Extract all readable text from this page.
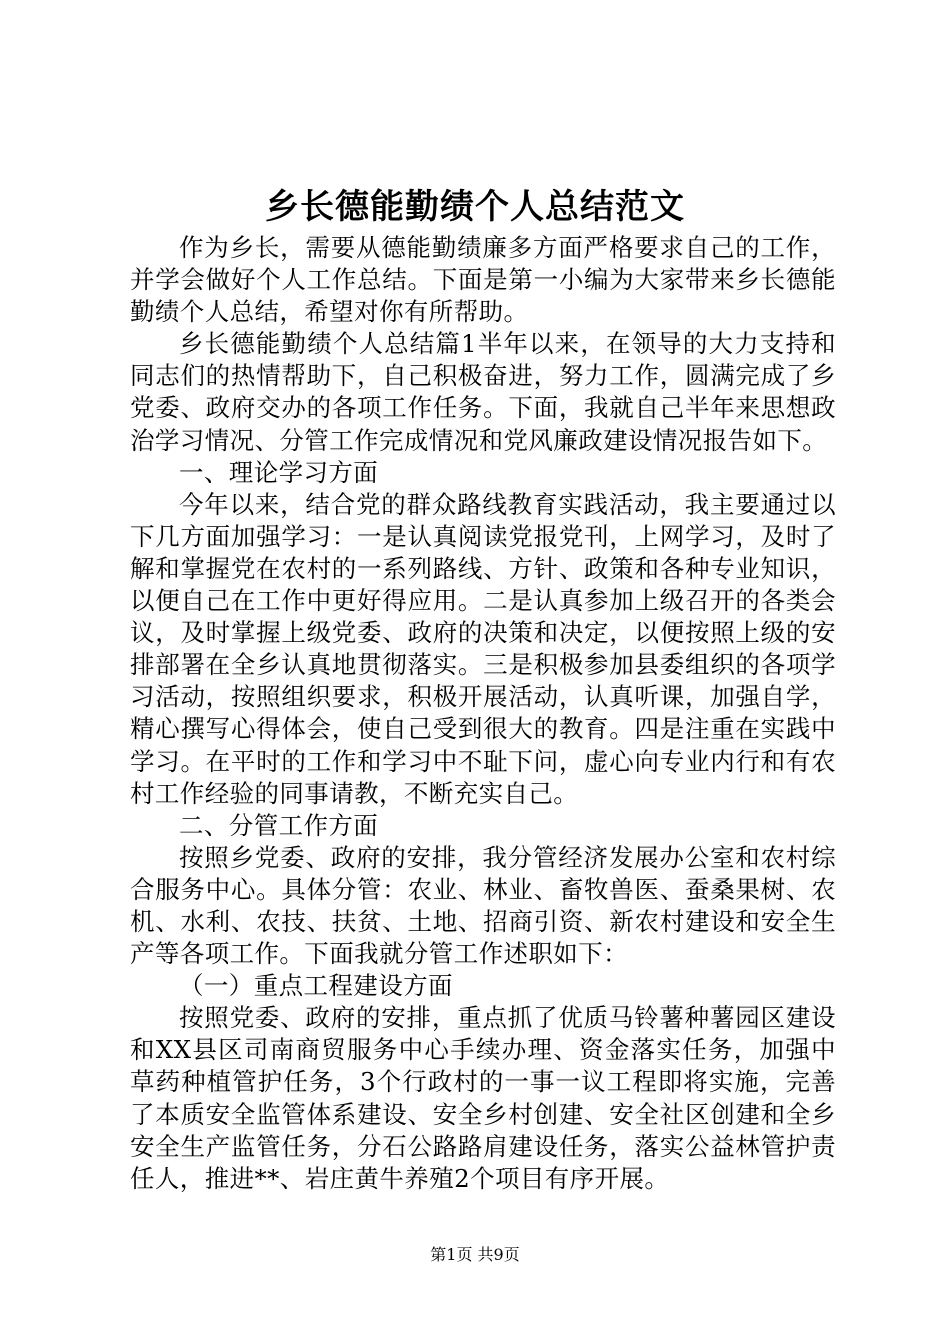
乡长德能勤绩个人总结范文

作为乡长，需要从德能勤绩廉多方面严格要求自己的工作，并学会做好个人工作总结。下面是第一小编为大家带来乡长德能勤绩个人总结，希望对你有所帮助。

乡长德能勤绩个人总结篇1半年以来，在领导的大力支持和同志们的热情帮助下，自己积极奋进，努力工作，圆满完成了乡党委、政府交办的各项工作任务。下面，我就自己半年来思想政治学习情况、分管工作完成情况和党风廉政建设情况报告如下。

一、理论学习方面

今年以来，结合党的群众路线教育实践活动，我主要通过以下几方面加强学习：一是认真阅读党报党刊，上网学习，及时了解和掌握党在农村的一系列路线、方针、政策和各种专业知识，以便自己在工作中更好得应用。二是认真参加上级召开的各类会议，及时掌握上级党委、政府的决策和决定，以便按照上级的安排部署在全乡认真地贯彻落实。三是积极参加县委组织的各项学习活动，按照组织要求，积极开展活动，认真听课，加强自学，精心撰写心得体会，使自己受到很大的教育。四是注重在实践中学习。在平时的工作和学习中不耻下问，虚心向专业内行和有农村工作经验的同事请教，不断充实自己。

二、分管工作方面

按照乡党委、政府的安排，我分管经济发展办公室和农村综合服务中心。具体分管：农业、林业、畜牧兽医、蚕桑果树、农机、水利、农技、扶贫、土地、招商引资、新农村建设和安全生产等各项工作。下面我就分管工作述职如下：

（一）重点工程建设方面

按照党委、政府的安排，重点抓了优质马铃薯种薯园区建设和XX县区司南商贸服务中心手续办理、资金落实任务，加强中草药种植管护任务，3个行政村的一事一议工程即将实施，完善了本质安全监管体系建设、安全乡村创建、安全社区创建和全乡安全生产监管任务，分石公路路肩建设任务，落实公益林管护责任人，推进**、岩庄黄牛养殖2个项目有序开展。

第1页 共9页
